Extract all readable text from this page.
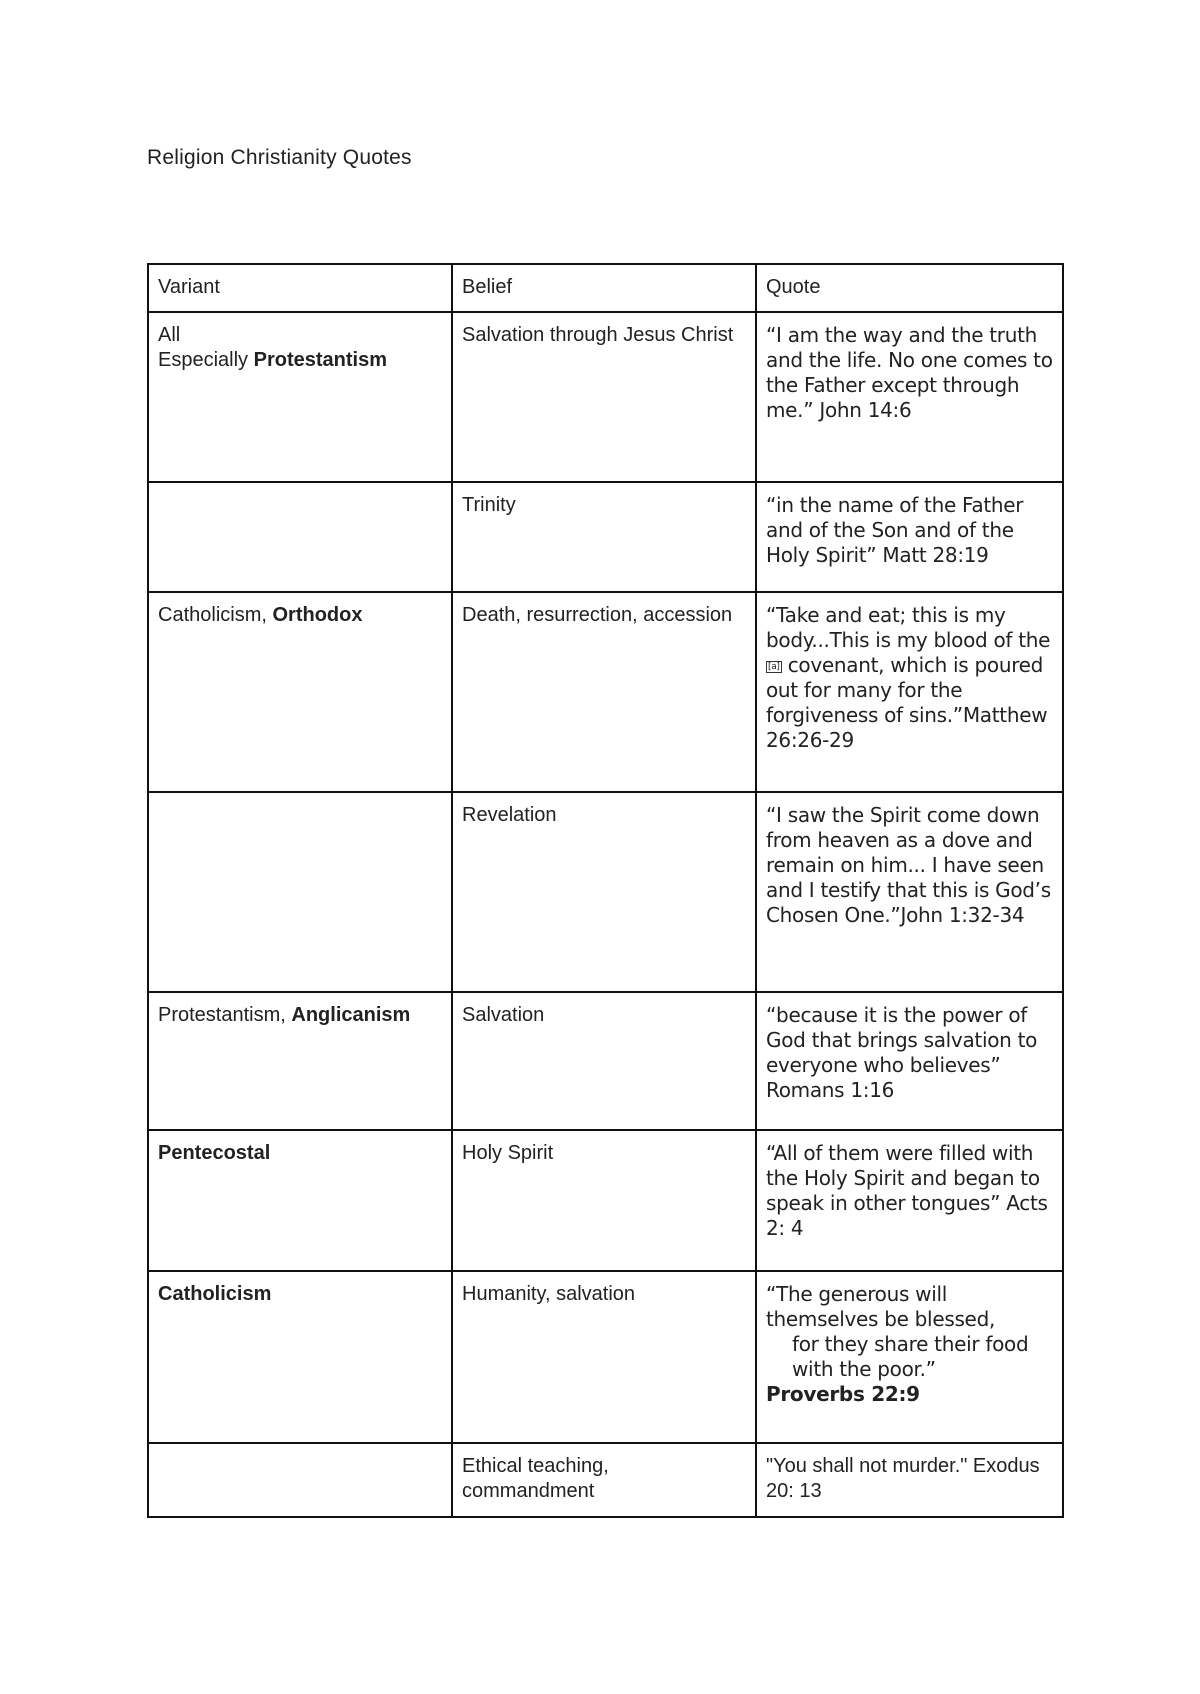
Religion Christianity Quotes
Variant	Belief	Quote

All
Especially Protestantism	Salvation through Jesus Christ	“I am the way and the truth and the life. No one comes to the Father except through me.” John 14:6
	Trinity	“in the name of the Father and of the Son and of the Holy Spirit” Matt 28:19
Catholicism, Orthodox	Death, resurrection, accession	“Take and eat; this is my body...This is my blood of the[a] covenant, which is poured out for many for the forgiveness of sins.”Matthew 26:26-29
	Revelation	“I saw the Spirit come down from heaven as a dove and remain on him... I have seen and I testify that this is God’s Chosen One.”John 1:32-34
Protestantism, Anglicanism	Salvation	“because it is the power of God that brings salvation to everyone who believes” Romans 1:16
Pentecostal	Holy Spirit	“All of them were filled with the Holy Spirit and began to speak in other tongues” Acts 2: 4
Catholicism	Humanity, salvation	“The generous will themselves be blessed,
for they share their food with the poor.”
Proverbs 22:9

	Ethical teaching, commandment	"You shall not murder." Exodus 20: 13
